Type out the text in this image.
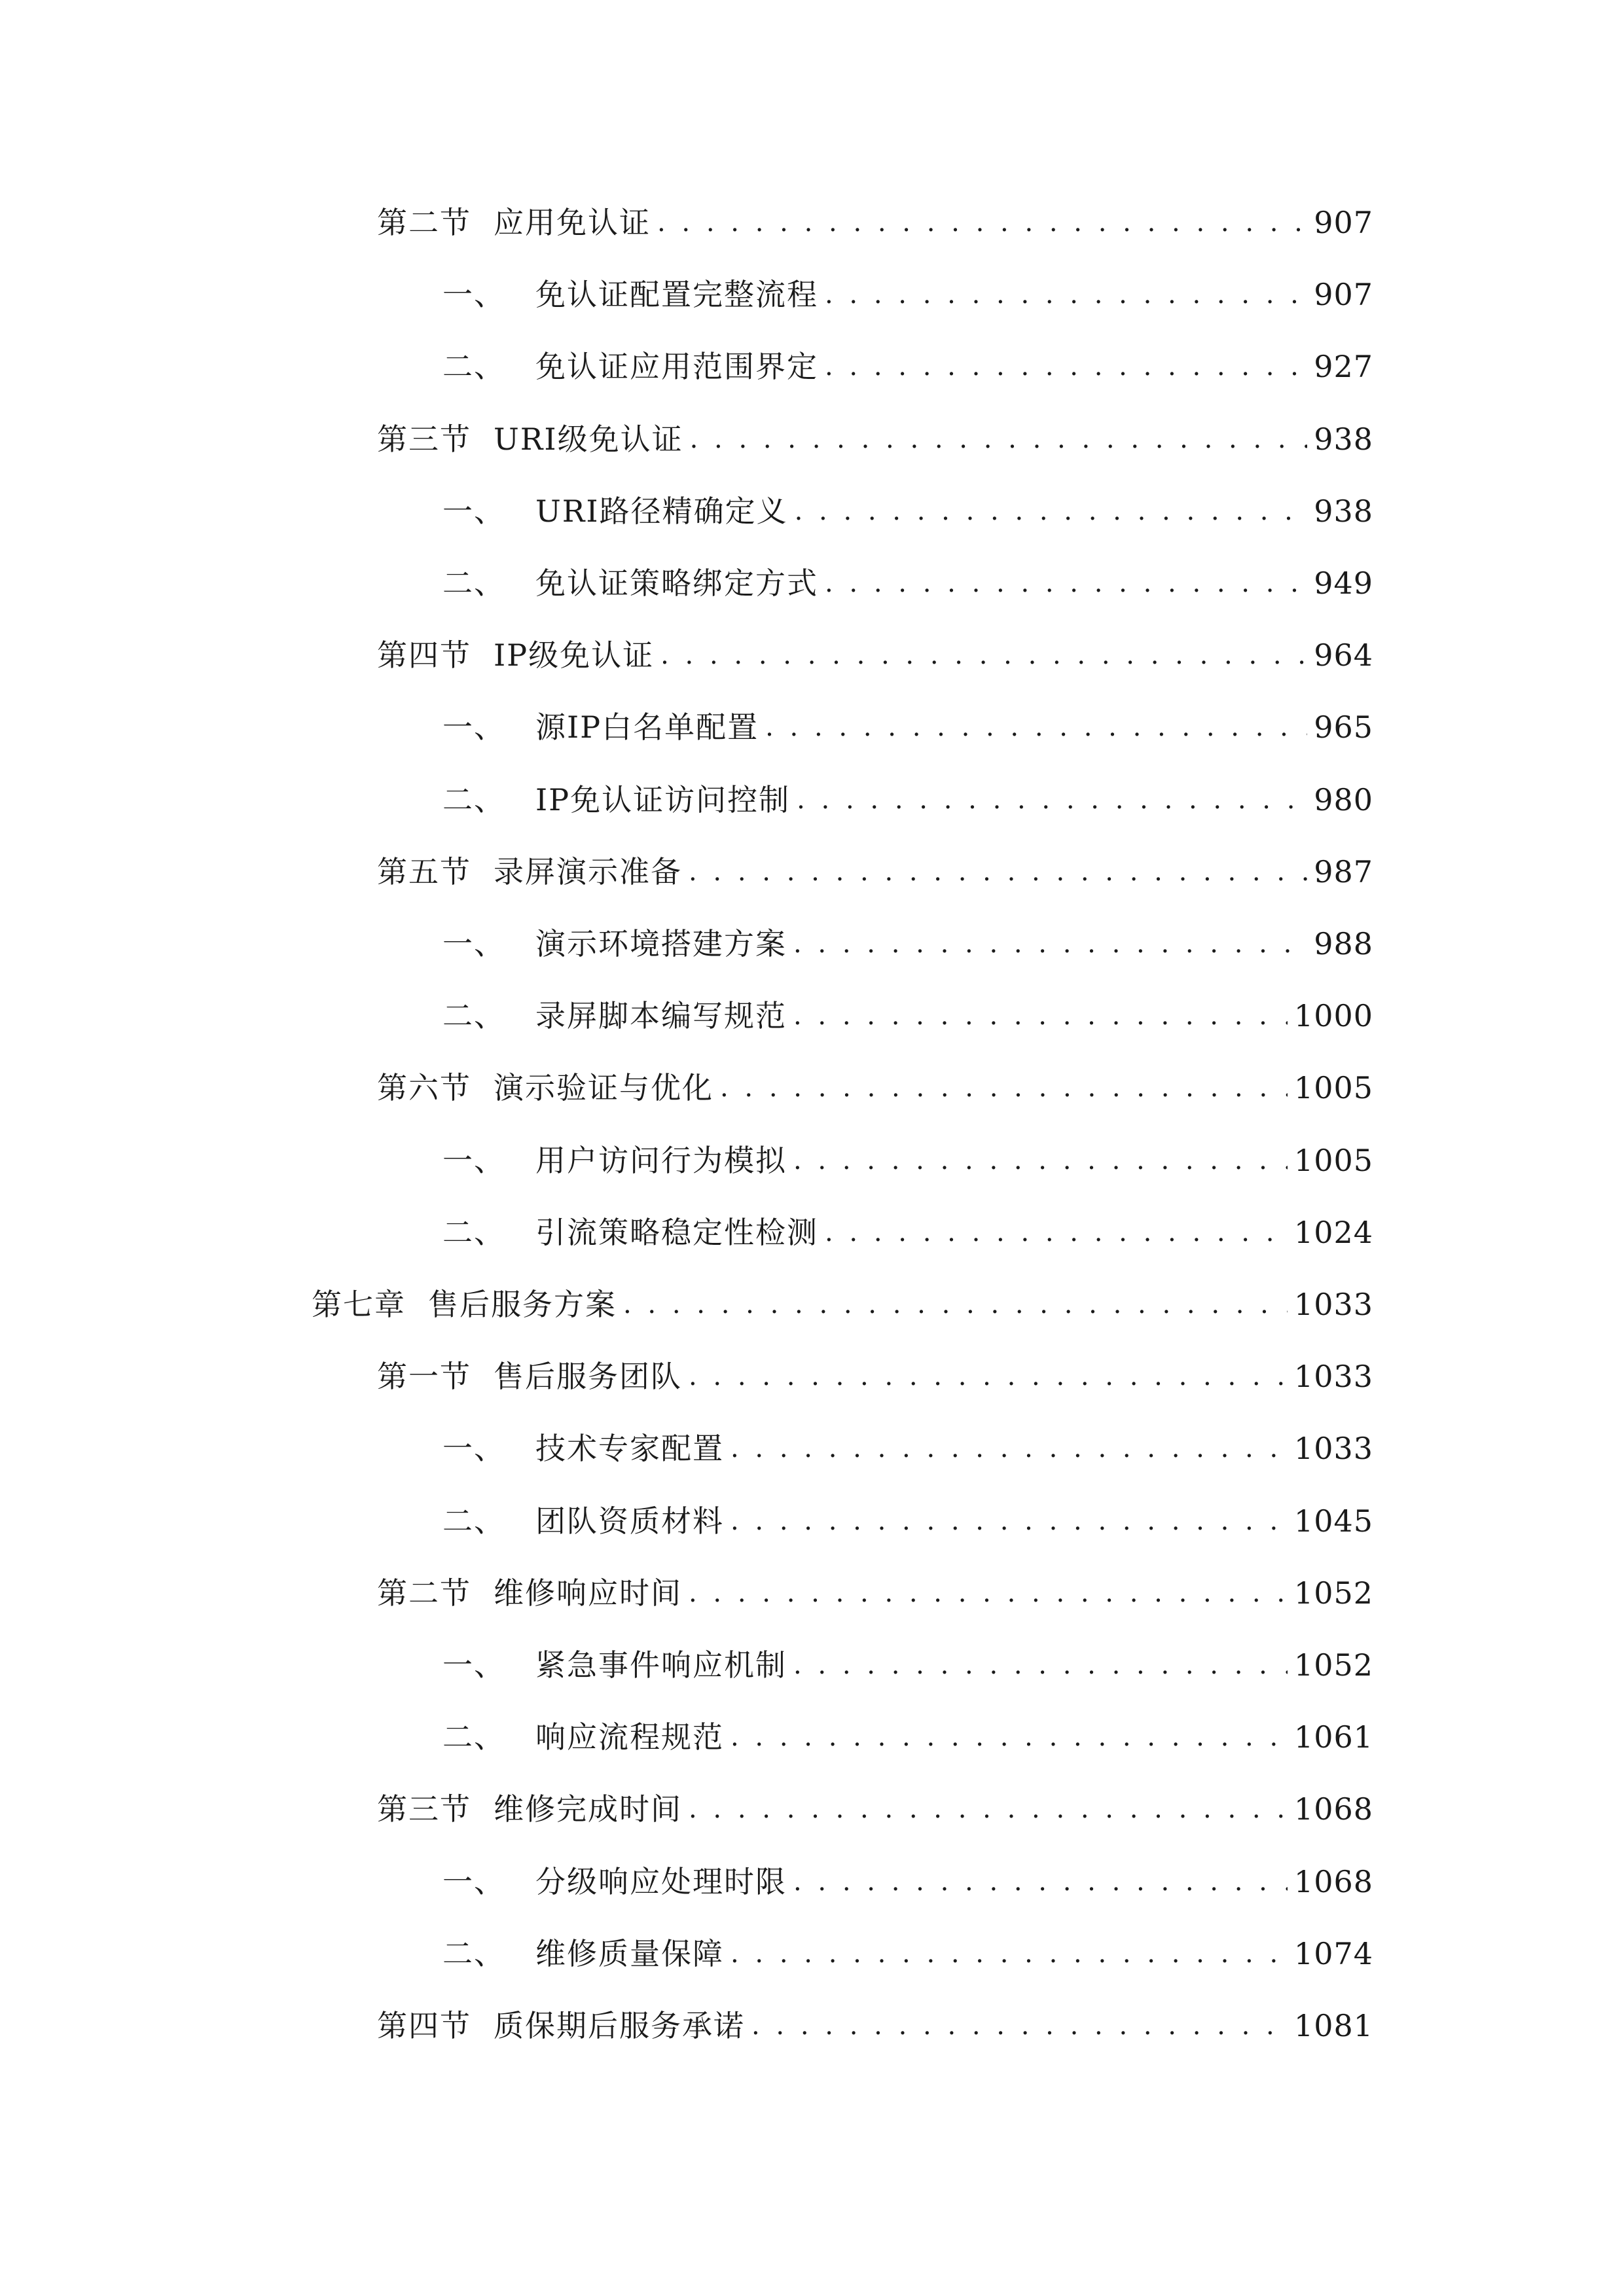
第二节 应用免认证 . . .	907
一、 免认证配置完整流程 . . .	907
二、 免认证应用范围界定 . . .	927
第三节 URI级免认证 . . .	938
一、 URI路径精确定义 . . .	938
二、 免认证策略绑定方式 . . .	949
第四节 IP级免认证 . . .	964
一、 源IP白名单配置 . . .	965
二、 IP免认证访问控制 . . .	980
第五节 录屏演示准备 . . .	987
一、 演示环境搭建方案 . . .	988
二、 录屏脚本编写规范 . . .	1000
第六节 演示验证与优化 . . .	1005
一、 用户访问行为模拟 . . .	1005
二、 引流策略稳定性检测 . . .	1024
第七章 售后服务方案 . . .	1033
第一节 售后服务团队 . . .	1033
一、 技术专家配置 . . .	1033
二、 团队资质材料 . . .	1045
第二节 维修响应时间 . . .	1052
一、 紧急事件响应机制 . . .	1052
二、 响应流程规范 . . .	1061
第三节 维修完成时间 . . .	1068
一、 分级响应处理时限 . . .	1068
二、 维修质量保障 . . .	1074
第四节 质保期后服务承诺 . . .	1081
